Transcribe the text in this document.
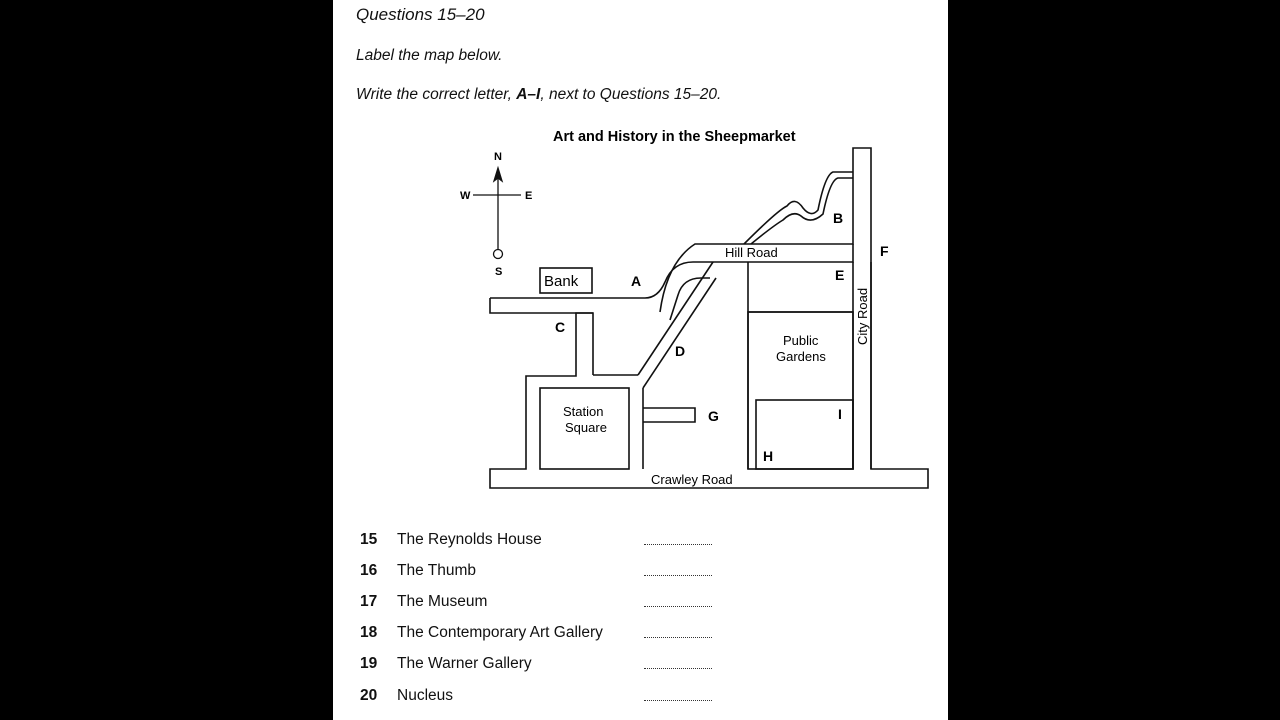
Questions 15–20
Label the map below.
Write the correct letter, A–I, next to Questions 15–20.
Art and History in the Sheepmarket
N
W	E
S
Bank
Station
Square
Public
Gardens
Hill Road
Crawley Road
City Road
A
B
C
D
E
F
G
H
I
15 The Reynolds House
16 The Thumb
17 The Museum
18 The Contemporary Art Gallery
19 The Warner Gallery
20 Nucleus
